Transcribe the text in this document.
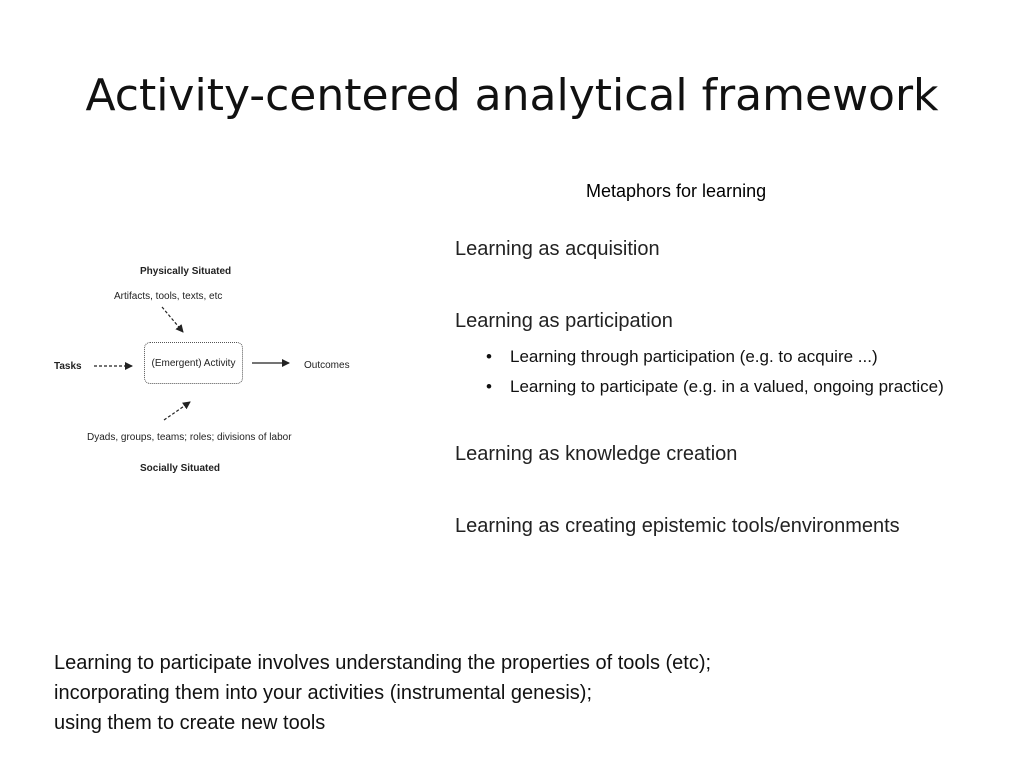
Activity-centered analytical framework
Physically Situated
Artifacts, tools, texts, etc
Tasks	(Emergent) Activity	Outcomes
Dyads, groups, teams; roles; divisions of labor
Socially Situated
Metaphors for learning
Learning as acquisition
Learning as participation
• Learning through participation (e.g. to acquire ...)
• Learning to participate (e.g. in a valued, ongoing practice)
Learning as knowledge creation
Learning as creating epistemic tools/environments
Learning to participate involves understanding the properties of tools (etc);
incorporating them into your activities (instrumental genesis);
using them to create new tools
